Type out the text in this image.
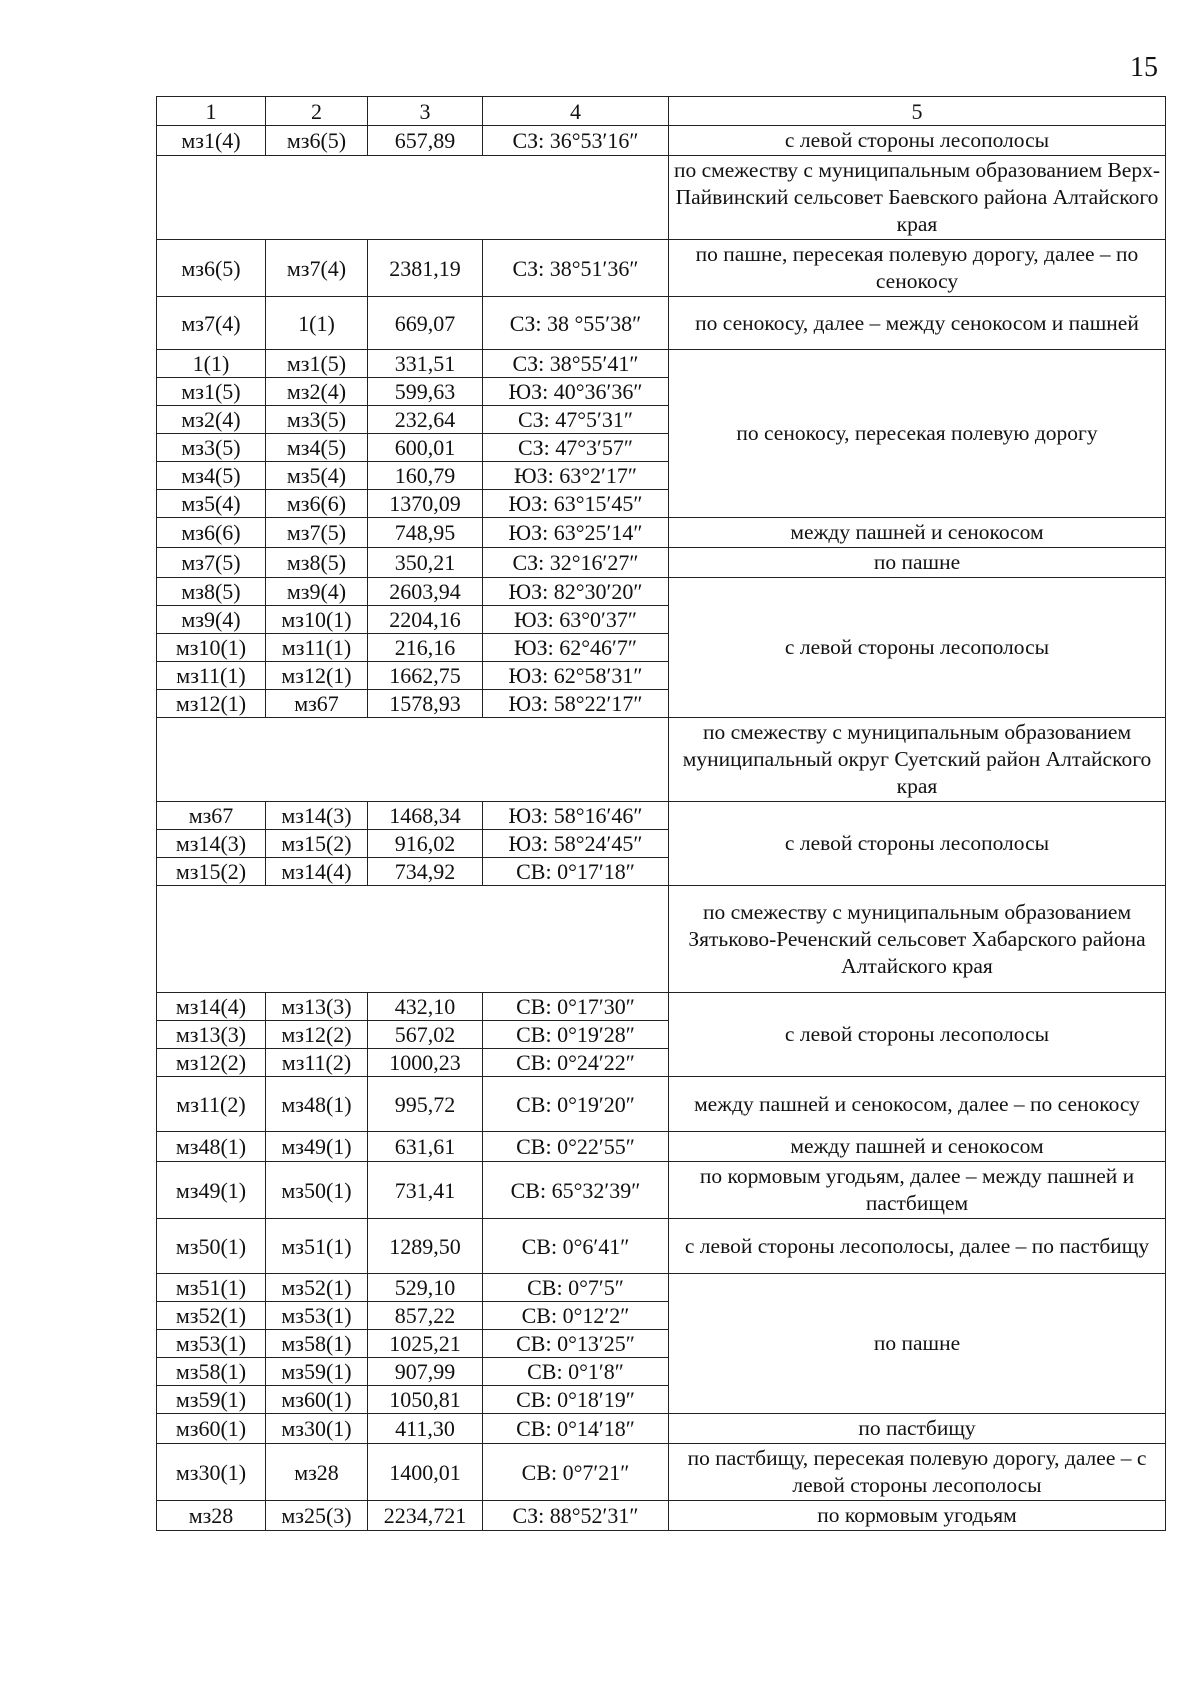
15
1	2	3	4	5
мз1(4)	мз6(5)	657,89	СЗ: 36°53′16″	с левой стороны лесополосы
				по смежеству с муниципальным образованием Верх-Пайвинский сельсовет Баевского района Алтайского края
мз6(5)	мз7(4)	2381,19	СЗ: 38°51′36″	по пашне, пересекая полевую дорогу, далее – по сенокосу
мз7(4)	1(1)	669,07	СЗ: 38 °55′38″	по сенокосу, далее – между сенокосом и пашней
1(1)	мз1(5)	331,51	СЗ: 38°55′41″	по сенокосу, пересекая полевую дорогу
мз1(5)	мз2(4)	599,63	ЮЗ: 40°36′36″	
мз2(4)	мз3(5)	232,64	СЗ: 47°5′31″	
мз3(5)	мз4(5)	600,01	СЗ: 47°3′57″	
мз4(5)	мз5(4)	160,79	ЮЗ: 63°2′17″	
мз5(4)	мз6(6)	1370,09	ЮЗ: 63°15′45″	
мз6(6)	мз7(5)	748,95	ЮЗ: 63°25′14″	между пашней и сенокосом
мз7(5)	мз8(5)	350,21	СЗ: 32°16′27″	по пашне
мз8(5)	мз9(4)	2603,94	ЮЗ: 82°30′20″	с левой стороны лесополосы
мз9(4)	мз10(1)	2204,16	ЮЗ: 63°0′37″	
мз10(1)	мз11(1)	216,16	ЮЗ: 62°46′7″	
мз11(1)	мз12(1)	1662,75	ЮЗ: 62°58′31″	
мз12(1)	мз67	1578,93	ЮЗ: 58°22′17″	
				по смежеству с муниципальным образованием муниципальный округ Суетский район Алтайского края
мз67	мз14(3)	1468,34	ЮЗ: 58°16′46″	с левой стороны лесополосы
мз14(3)	мз15(2)	916,02	ЮЗ: 58°24′45″	
мз15(2)	мз14(4)	734,92	СВ: 0°17′18″	
				по смежеству с муниципальным образованием Зятьково-Реченский сельсовет Хабарского района Алтайского края
мз14(4)	мз13(3)	432,10	СВ: 0°17′30″	с левой стороны лесополосы
мз13(3)	мз12(2)	567,02	СВ: 0°19′28″	
мз12(2)	мз11(2)	1000,23	СВ: 0°24′22″	
мз11(2)	мз48(1)	995,72	СВ: 0°19′20″	между пашней и сенокосом, далее – по сенокосу
мз48(1)	мз49(1)	631,61	СВ: 0°22′55″	между пашней и сенокосом
мз49(1)	мз50(1)	731,41	СВ: 65°32′39″	по кормовым угодьям, далее – между пашней и пастбищем
мз50(1)	мз51(1)	1289,50	СВ: 0°6′41″	с левой стороны лесополосы, далее – по пастбищу
мз51(1)	мз52(1)	529,10	СВ: 0°7′5″	по пашне
мз52(1)	мз53(1)	857,22	СВ: 0°12′2″	
мз53(1)	мз58(1)	1025,21	СВ: 0°13′25″	
мз58(1)	мз59(1)	907,99	СВ: 0°1′8″	
мз59(1)	мз60(1)	1050,81	СВ: 0°18′19″	
мз60(1)	мз30(1)	411,30	СВ: 0°14′18″	по пастбищу
мз30(1)	мз28	1400,01	СВ: 0°7′21″	по пастбищу, пересекая полевую дорогу, далее – с левой стороны лесополосы
мз28	мз25(3)	2234,721	СЗ: 88°52′31″	по кормовым угодьям
